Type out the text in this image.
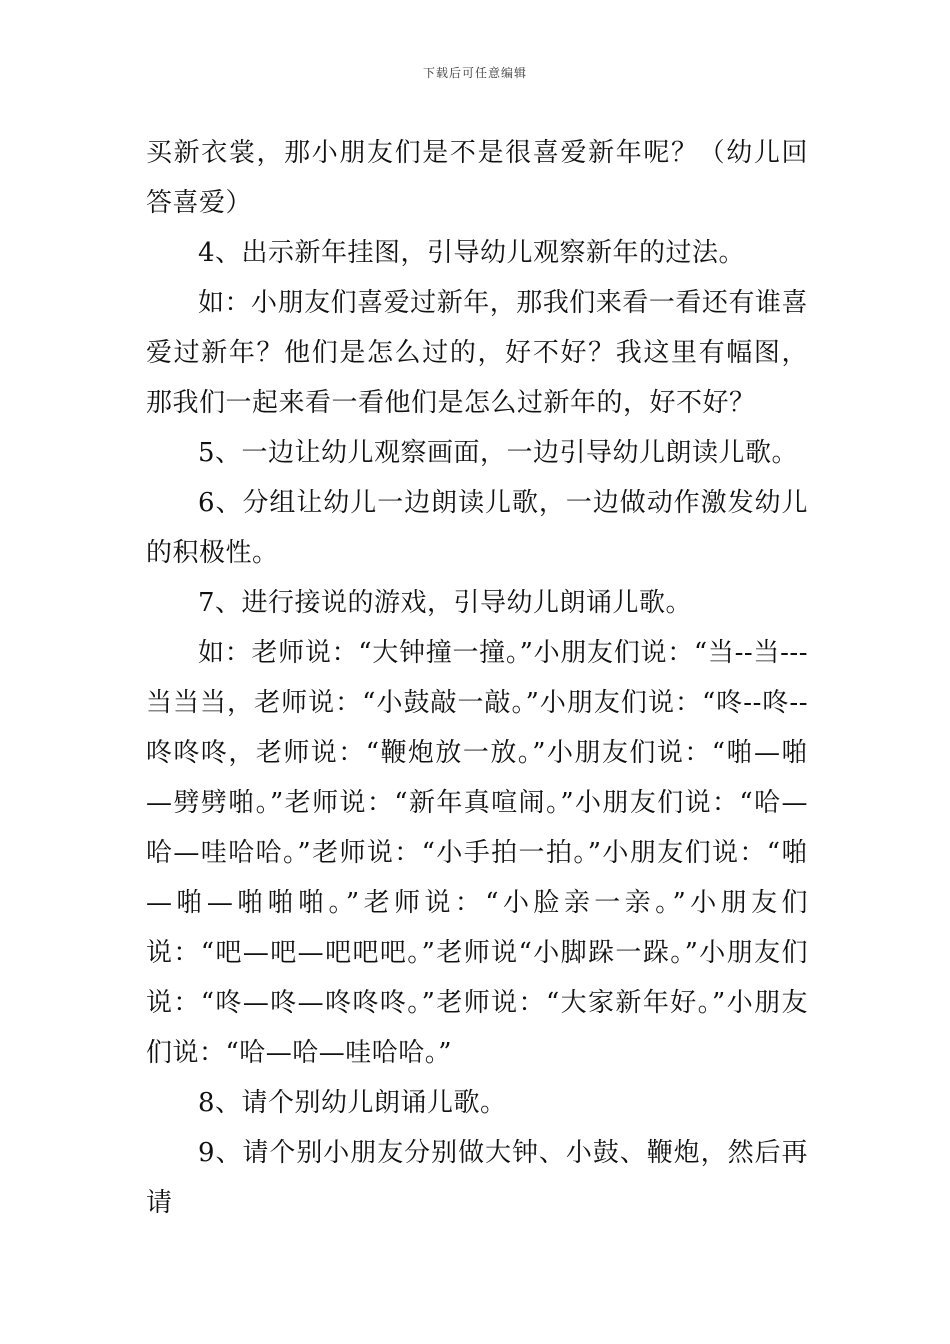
下载后可任意编辑

买新衣裳，那小朋友们是不是很喜爱新年呢？（幼儿回答喜爱）

4、出示新年挂图，引导幼儿观察新年的过法。

如：小朋友们喜爱过新年，那我们来看一看还有谁喜爱过新年？他们是怎么过的，好不好？我这里有幅图，那我们一起来看一看他们是怎么过新年的，好不好？

5、一边让幼儿观察画面，一边引导幼儿朗读儿歌。

6、分组让幼儿一边朗读儿歌，一边做动作激发幼儿的积极性。

7、进行接说的游戏，引导幼儿朗诵儿歌。

如：老师说：“大钟撞一撞。”小朋友们说：“当--当---当当当，老师说：“小鼓敲一敲。”小朋友们说：“咚--咚--咚咚咚，老师说：“鞭炮放一放。”小朋友们说：“啪—啪—劈劈啪。”老师说：“新年真喧闹。”小朋友们说：“哈—哈—哇哈哈。”老师说：“小手拍一拍。”小朋友们说：“啪—啪—啪啪啪。”老师说：“小脸亲一亲。”小朋友们说：“吧—吧—吧吧吧。”老师说“小脚跺一跺。”小朋友们说：“咚—咚—咚咚咚。”老师说：“大家新年好。”小朋友们说：“哈—哈—哇哈哈。”

8、请个别幼儿朗诵儿歌。

9、请个别小朋友分别做大钟、小鼓、鞭炮，然后再请
